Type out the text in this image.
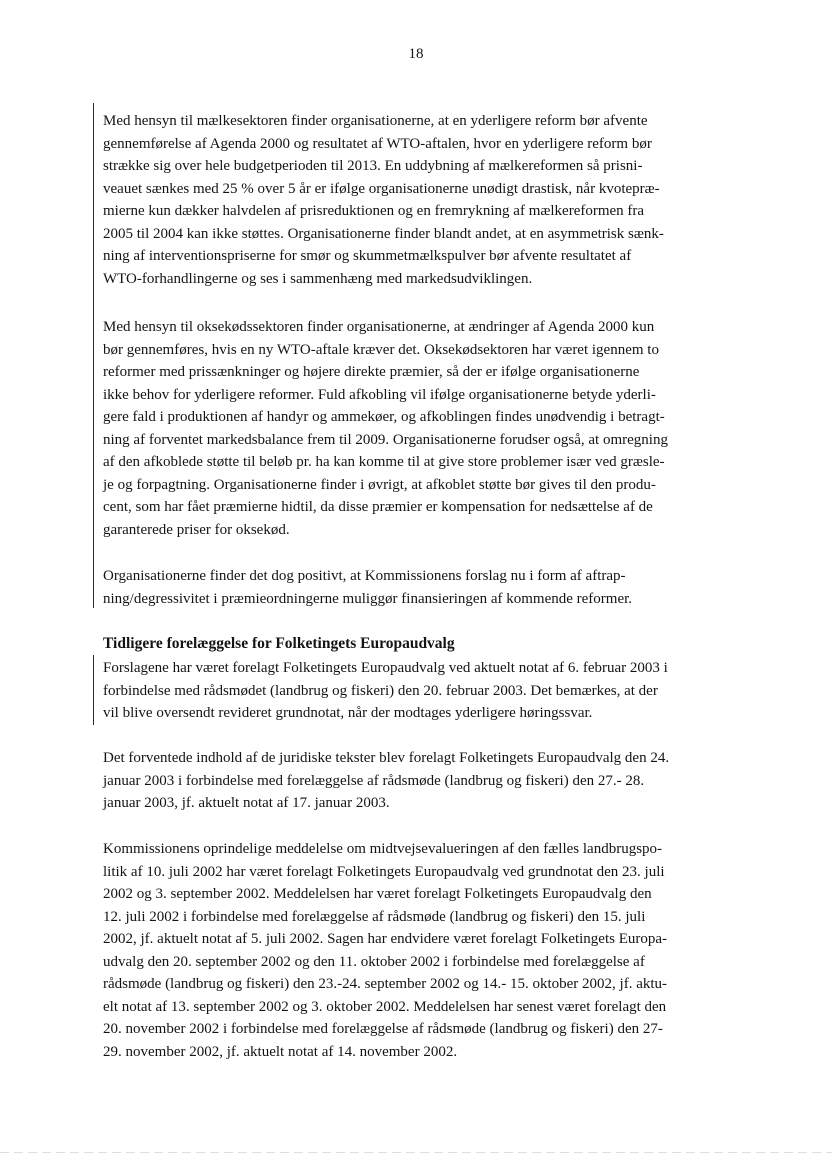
18
Med hensyn til mælkesektoren finder organisationerne, at en yderligere reform bør afvente
gennemførelse af Agenda 2000 og resultatet af WTO-aftalen, hvor en yderligere reform bør
strække sig over hele budgetperioden til 2013. En uddybning af mælkereformen så prisni-
veauet sænkes med 25 % over 5 år er ifølge organisationerne unødigt drastisk, når kvotepræ-
mierne kun dækker halvdelen af prisreduktionen og en fremrykning af mælkereformen fra
2005 til 2004 kan ikke støttes. Organisationerne finder blandt andet, at en asymmetrisk sænk-
ning af interventionspriserne for smør og skummetmælkspulver bør afvente resultatet af
WTO-forhandlingerne og ses i sammenhæng med markedsudviklingen.
Med hensyn til oksekødssektoren finder organisationerne, at ændringer af Agenda 2000 kun
bør gennemføres, hvis en ny WTO-aftale kræver det. Oksekødsektoren har været igennem to
reformer med prissænkninger og højere direkte præmier, så der er ifølge organisationerne
ikke behov for yderligere reformer. Fuld afkobling vil ifølge organisationerne betyde yderli-
gere fald i produktionen af handyr og ammekøer, og afkoblingen findes unødvendig i betragt-
ning af forventet markedsbalance frem til 2009. Organisationerne forudser også, at omregning
af den afkoblede støtte til beløb pr. ha kan komme til at give store problemer især ved græsle-
je og forpagtning. Organisationerne finder i øvrigt, at afkoblet støtte bør gives til den produ-
cent, som har fået præmierne hidtil, da disse præmier er kompensation for nedsættelse af de
garanterede priser for oksekød.
Organisationerne finder det dog positivt, at Kommissionens forslag nu i form af aftrap-
ning/degressivitet i præmieordningerne muliggør finansieringen af kommende reformer.
Tidligere forelæggelse for Folketingets Europaudvalg
Forslagene har været forelagt Folketingets Europaudvalg ved aktuelt notat af 6. februar 2003 i
forbindelse med rådsmødet (landbrug og fiskeri) den 20. februar 2003. Det bemærkes, at der
vil blive oversendt revideret grundnotat, når der modtages yderligere høringssvar.
Det forventede indhold af de juridiske tekster blev forelagt Folketingets Europaudvalg den 24.
januar 2003 i forbindelse med forelæggelse af rådsmøde (landbrug og fiskeri) den 27.- 28.
januar 2003, jf. aktuelt notat af 17. januar 2003.
Kommissionens oprindelige meddelelse om midtvejsevalueringen af den fælles landbrugspo-
litik af 10. juli 2002 har været forelagt Folketingets Europaudvalg ved grundnotat den 23. juli
2002 og 3. september 2002. Meddelelsen har været forelagt Folketingets Europaudvalg den
12. juli 2002 i forbindelse med forelæggelse af rådsmøde (landbrug og fiskeri) den 15. juli
2002, jf. aktuelt notat af 5. juli 2002. Sagen har endvidere været forelagt Folketingets Europa-
udvalg den 20. september 2002 og den 11. oktober 2002 i forbindelse med forelæggelse af
rådsmøde (landbrug og fiskeri) den 23.-24. september 2002 og 14.- 15. oktober 2002, jf. aktu-
elt notat af 13. september 2002 og 3. oktober 2002. Meddelelsen har senest været forelagt den
20. november 2002 i forbindelse med forelæggelse af rådsmøde (landbrug og fiskeri) den 27-
29. november 2002, jf. aktuelt notat af 14. november 2002.
